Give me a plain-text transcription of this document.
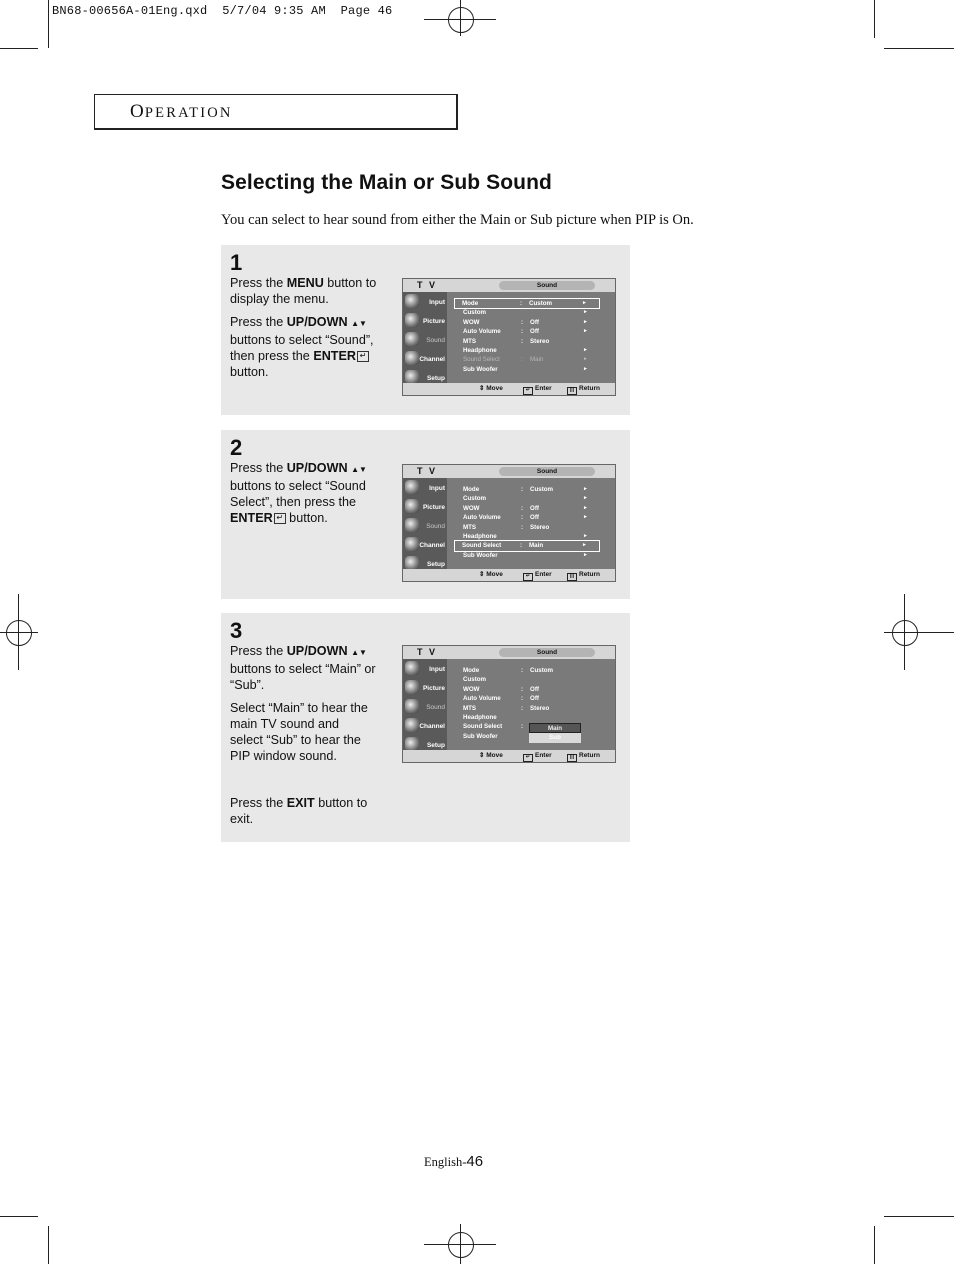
BN68-00656A-01Eng.qxd  5/7/04 9:35 AM  Page 46
OPERATION
Selecting the Main or Sub Sound
You can select to hear sound from either the Main or Sub picture when PIP is On.
1

Press the MENU button to display the menu.

Press the UP/DOWN ▲▼ buttons to select “Sound”, then press the ENTER ↵ button.

T V	Sound
Input
Picture
Sound
Channel
Setup
Mode	: Custom	►
Custom	►
WOW	: Off	►
Auto Volume	: Off	►
MTS	: Stereo
Headphone	►
Sound Select	: Main	►
Sub Woofer	►
⇕ Move	↵ Enter	||| Return
2

Press the UP/DOWN ▲▼ buttons to select “Sound Select”, then press the ENTER ↵ button.

T V	Sound
Input
Picture
Sound
Channel
Setup
Mode	: Custom	►
Custom	►
WOW	: Off	►
Auto Volume	: Off	►
MTS	: Stereo
Headphone	►
Sound Select	: Main	►
Sub Woofer	►
⇕ Move	↵ Enter	||| Return
3

Press the UP/DOWN ▲▼ buttons to select “Main” or “Sub”.

Select “Main” to hear the main TV sound and select “Sub” to hear the PIP window sound.

Press the EXIT button to exit.

T V	Sound
Input
Picture
Sound
Channel
Setup
Mode	: Custom
Custom
WOW	: Off
Auto Volume	: Off
MTS	: Stereo
Headphone
Sound Select	:
Sub Woofer
Main
Sub
⇕ Move	↵ Enter	||| Return
English-46
